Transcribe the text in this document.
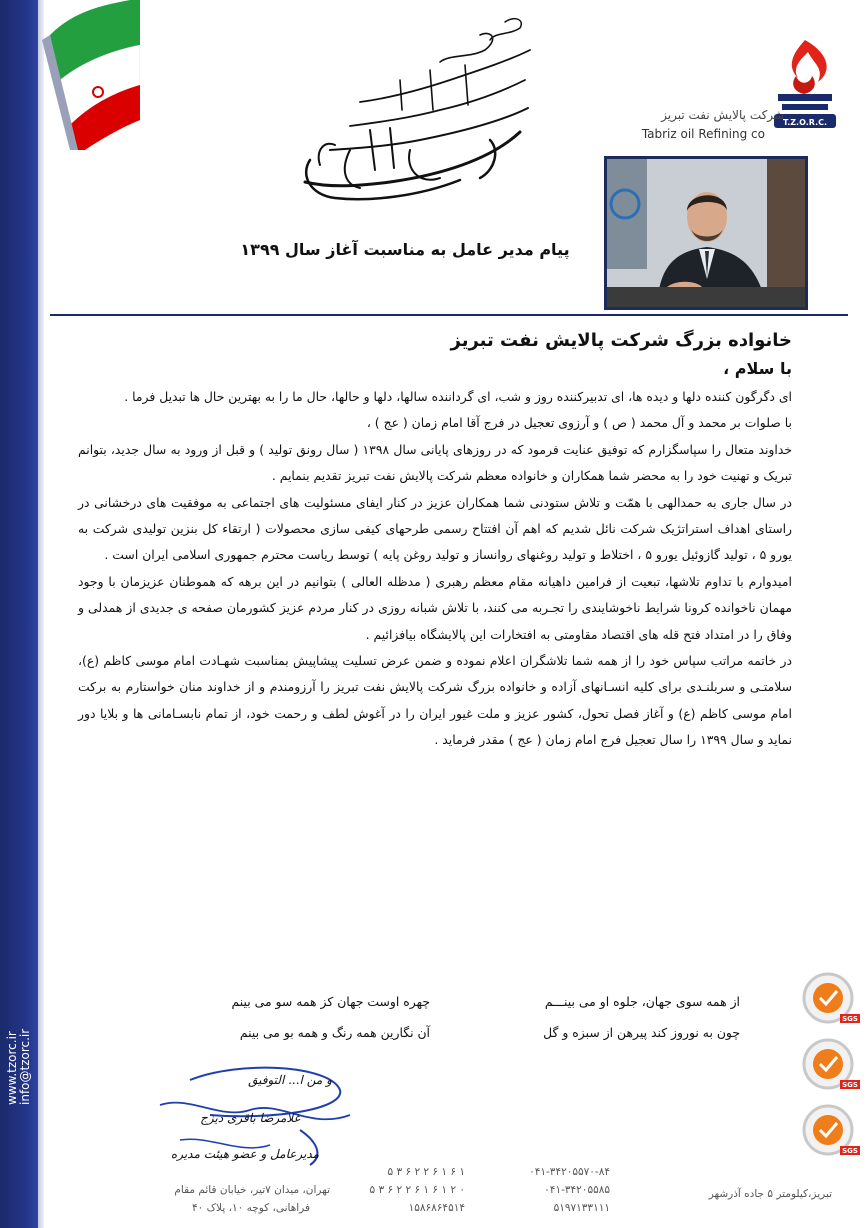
T.Z.O.R.C.
شرکت پالایش نفت تبریز
Tabriz oil Refining co
پیام مدیر عامل به مناسبت آغاز سال ۱۳۹۹
خانواده بزرگ شرکت پالایش نفت تبریز
با سلام ،

ای دگرگون کننده دلها و دیده ها، ای تدبیرکننده روز و شب، ای گرداننده سالها، دلها و حالها، حال ما را به بهترین حال ها تبدیل فرما .

با صلوات بر محمد و آل محمد ( ص ) و آرزوی تعجیل در فرج آقا امام زمان ( عج ) ،

خداوند متعال را سپاسگزارم که توفیق عنایت فرمود که در روزهای پایانی سال ۱۳۹۸ ( سال رونق تولید ) و قبل از ورود به سال جدید، بتوانم تبریک و تهنیت خود را به محضر شما همکاران و خانواده معظم شرکت پالایش نفت تبریز تقدیم بنمایم .

در سال جاری به حمدالهی با همّت و تلاش ستودنی شما همکاران عزیز در کنار ایفای مسئولیت های اجتماعی به موفقیت های درخشانی در راستای اهداف استراتژیک شرکت نائل شدیم که اهم آن افتتاح رسمی طرحهای کیفی سازی محصولات ( ارتقاء کل بنزین تولیدی شرکت به یورو ۵ ، تولید گازوئیل یورو ۵ ، اختلاط و تولید روغنهای روانساز و تولید روغن پایه ) توسط ریاست محترم جمهوری اسلامی ایران است .

امیدوارم با تداوم تلاشها، تبعیت از فرامین داهیانه مقام معظم رهبری ( مدظله العالی ) بتوانیم در این برهه که هموطنان عزیزمان با وجود مهمان ناخوانده کرونا شرایط ناخوشایندی را تجـربه می کنند، با تلاش شبانه روزی در کنار مردم عزیز کشورمان صفحه ی جدیدی از همدلی و وفاق را در امتداد فتح قله های اقتصاد مقاومتی به افتخارات این پالایشگاه بیافزائیم .

در خاتمه مراتب سپاس خود را از همه شما تلاشگران اعلام نموده و ضمن عرض تسلیت پیشاپیش بمناسبت شهـادت امام موسی کاظم (ع)، سلامتـی و سربلنـدی برای کلیه انسـانهای آزاده و خانواده بزرگ شرکت پالایش نفت تبریز را آرزومندم و از خداوند منان خواستارم به برکت امام موسی کاظم (ع) و آغاز فصل تحول، کشور عزیز و ملت غیور ایران را در آغوش لطف و رحمت خود، از تمام نابسـامانی ها و بلایا دور نماید و سال ۱۳۹۹ را سال تعجیل فرج امام زمان ( عج ) مقدر فرماید .

از همه سوی جهان، جلوه او می بینـــم
چهره اوست جهان کز همه سو می بینم
چون به نوروز کند پیرهن از سبزه و گل
آن نگارین همه رنگ و همه بو می بینم
و من ا... التوفیق
غلامرضا باقری دیزج
مدیرعامل و عضو هیئت مدیره
SGS
SGS
SGS
تبریز،کیلومتر ۵ جاده آذرشهر
۰۴۱-۳۴۲۰۵۵۷۰-۸۴
۰۴۱-۳۴۲۰۵۵۸۵
۵۱۹۷۱۳۳۱۱۱
۱ ۶ ۱ ۶ ۲ ۲ ۶ ۳ ۵
۰ ۲ ۱ ۶ ۱ ۶ ۲ ۲ ۶ ۳ ۵
۱۵۸۶۸۶۴۵۱۴
تهران، میدان ۷تیر، خیابان قائم مقام
فراهانی، کوچه ۱۰، پلاک ۴۰
